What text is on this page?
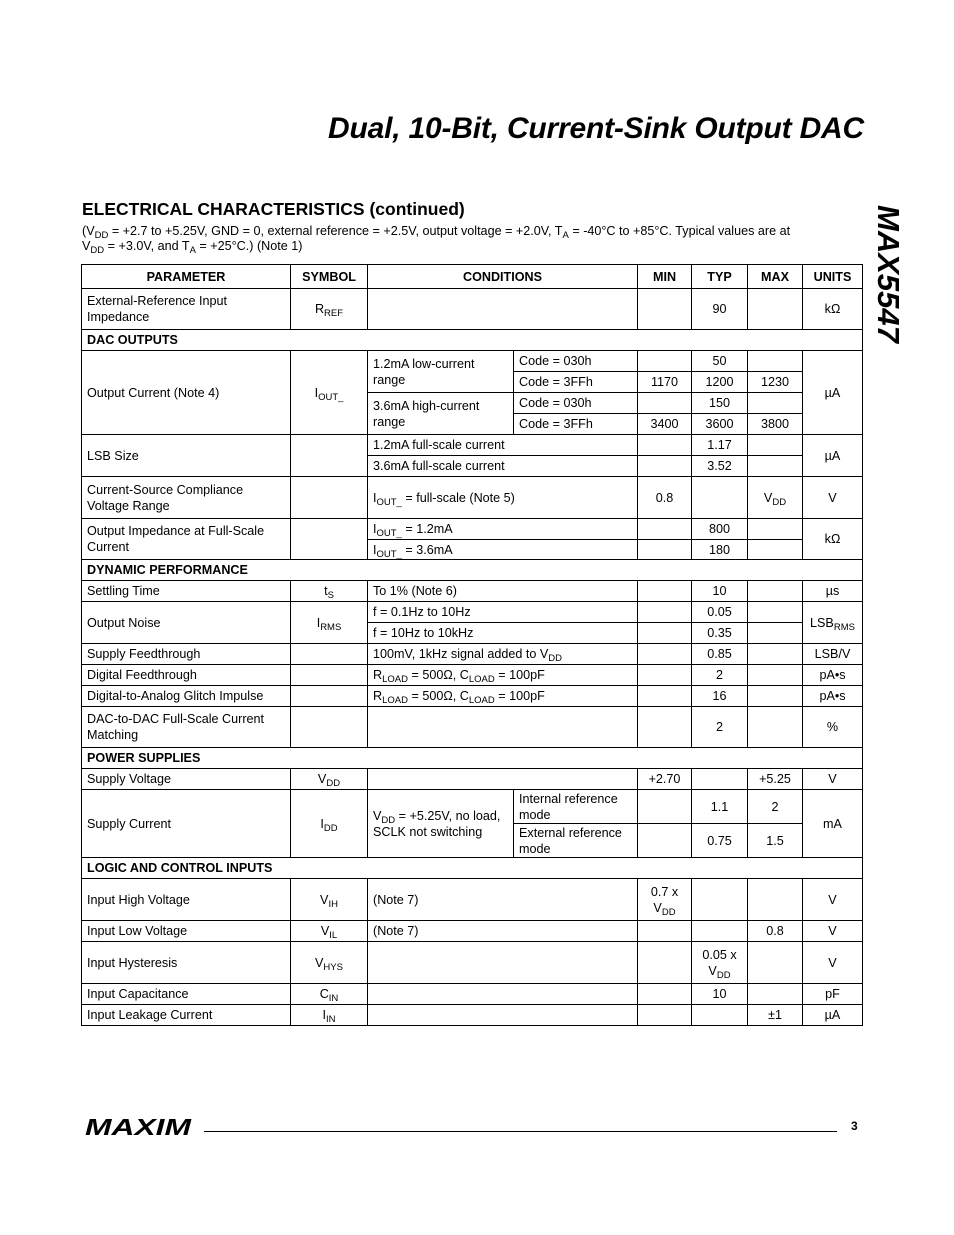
Dual, 10-Bit, Current-Sink Output DAC
MAX5547
ELECTRICAL CHARACTERISTICS (continued)
($V_{DD} = +2.7$ to +5.25V, GND = 0, external reference = +2.5V, output voltage = +2.0V, $T_A = -40^\circ C$ to +85°C. Typical values are at
$V_{DD} = +3.0V$, and $T_A = +25^\circ C$.) (Note 1)
PARAMETER	SYMBOL	CONDITIONS		MIN	TYP	MAX	UNITS
External-Reference Input Impedance	$R_{REF}$				90		kΩ
DAC OUTPUTS							
Output Current (Note 4)	$I_{OUT\_}$	1.2mA low-current range	Code = 030h		50		µA
			Code = 3FFh	1170	1200	1230	
		3.6mA high-current range	Code = 030h		150		
			Code = 3FFh	3400	3600	3800	
LSB Size		1.2mA full-scale current			1.17		µA
		3.6mA full-scale current			3.52		
Current-Source Compliance Voltage Range		$I_{OUT\_}$ = full-scale (Note 5)		0.8		$V_{DD}$	V
Output Impedance at Full-Scale Current		$I_{OUT\_} = 1.2mA$			800		kΩ
		$I_{OUT\_} = 3.6mA$			180		
DYNAMIC PERFORMANCE							
Settling Time	$t_S$	To 1% (Note 6)			10		µs
Output Noise	$I_{RMS}$	f = 0.1Hz to 10Hz			0.05		$LSB_{RMS}$
		f = 10Hz to 10kHz			0.35		
Supply Feedthrough		100mV, 1kHz signal added to $V_{DD}$			0.85		LSB/V
Digital Feedthrough		$R_{LOAD} = 500\Omega$, $C_{LOAD} = 100pF$			2		pA•s
Digital-to-Analog Glitch Impulse		$R_{LOAD} = 500\Omega$, $C_{LOAD} = 100pF$			16		pA•s
DAC-to-DAC Full-Scale Current Matching					2		%
POWER SUPPLIES							
Supply Voltage	$V_{DD}$			+2.70		+5.25	V
Supply Current	$I_{DD}$	$V_{DD} = +5.25V$, no load, SCLK not switching	Internal reference mode		1.1	2	mA
			External reference mode		0.75	1.5	
LOGIC AND CONTROL INPUTS							
Input High Voltage	$V_{IH}$	(Note 7)		0.7 x $V_{DD}$			V
Input Low Voltage	$V_{IL}$	(Note 7)				0.8	V
Input Hysteresis	$V_{HYS}$				0.05 x $V_{DD}$		V
Input Capacitance	$C_{IN}$				10		pF
Input Leakage Current	$I_{IN}$					±1	µA
MAXIM	3
